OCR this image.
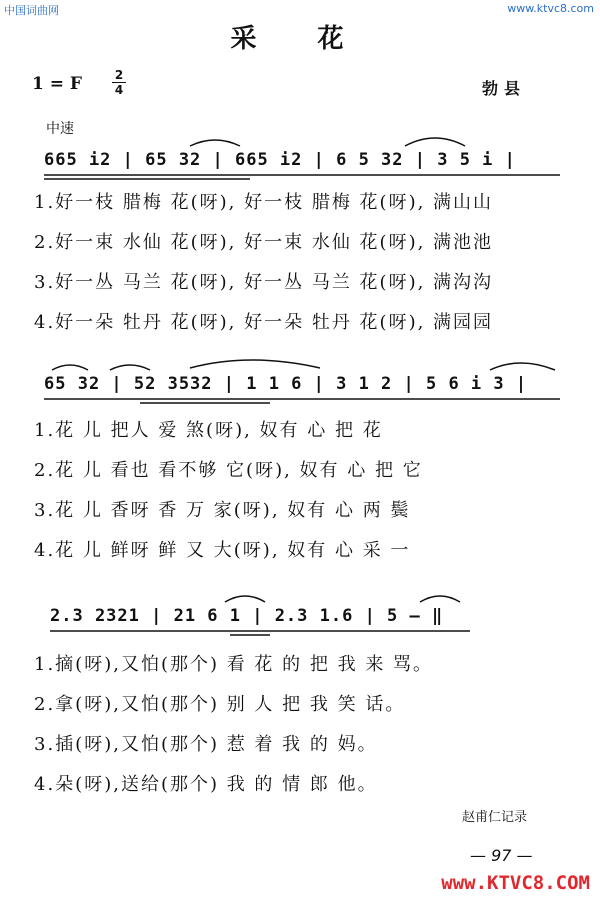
中国词曲网	www.ktvc8.com
采 花
1 = F	2
4	勃县
中速
665 i2 | 65 32 | 665 i2 | 6 5 32 | 3 5 i |
1.好一枝 腊梅 花(呀), 好一枝 腊梅 花(呀), 满山山
2.好一束 水仙 花(呀), 好一束 水仙 花(呀), 满池池
3.好一丛 马兰 花(呀), 好一丛 马兰 花(呀), 满沟沟
4.好一朵 牡丹 花(呀), 好一朵 牡丹 花(呀), 满园园
65 32 | 52 3532 | 1 1 6 | 3 1 2 | 5 6 i 3 |
1.花 儿 把人 爱 煞(呀), 奴有 心 把 花
2.花 儿 看也 看不够 它(呀), 奴有 心 把 它
3.花 儿 香呀 香 万 家(呀), 奴有 心 两 鬓
4.花 儿 鲜呀 鲜 又 大(呀), 奴有 心 采 一
2.3 2321 | 21 6 1 | 2.3 1.6 | 5 — ‖
1.摘(呀),又怕(那个) 看 花 的 把 我 来 骂。
2.拿(呀),又怕(那个) 别 人 把 我 笑 话。
3.插(呀),又怕(那个) 惹 着 我 的 妈。
4.朵(呀),送给(那个) 我 的 情 郎 他。
赵甫仁记录
— 97 —
www.KTVC8.COM
